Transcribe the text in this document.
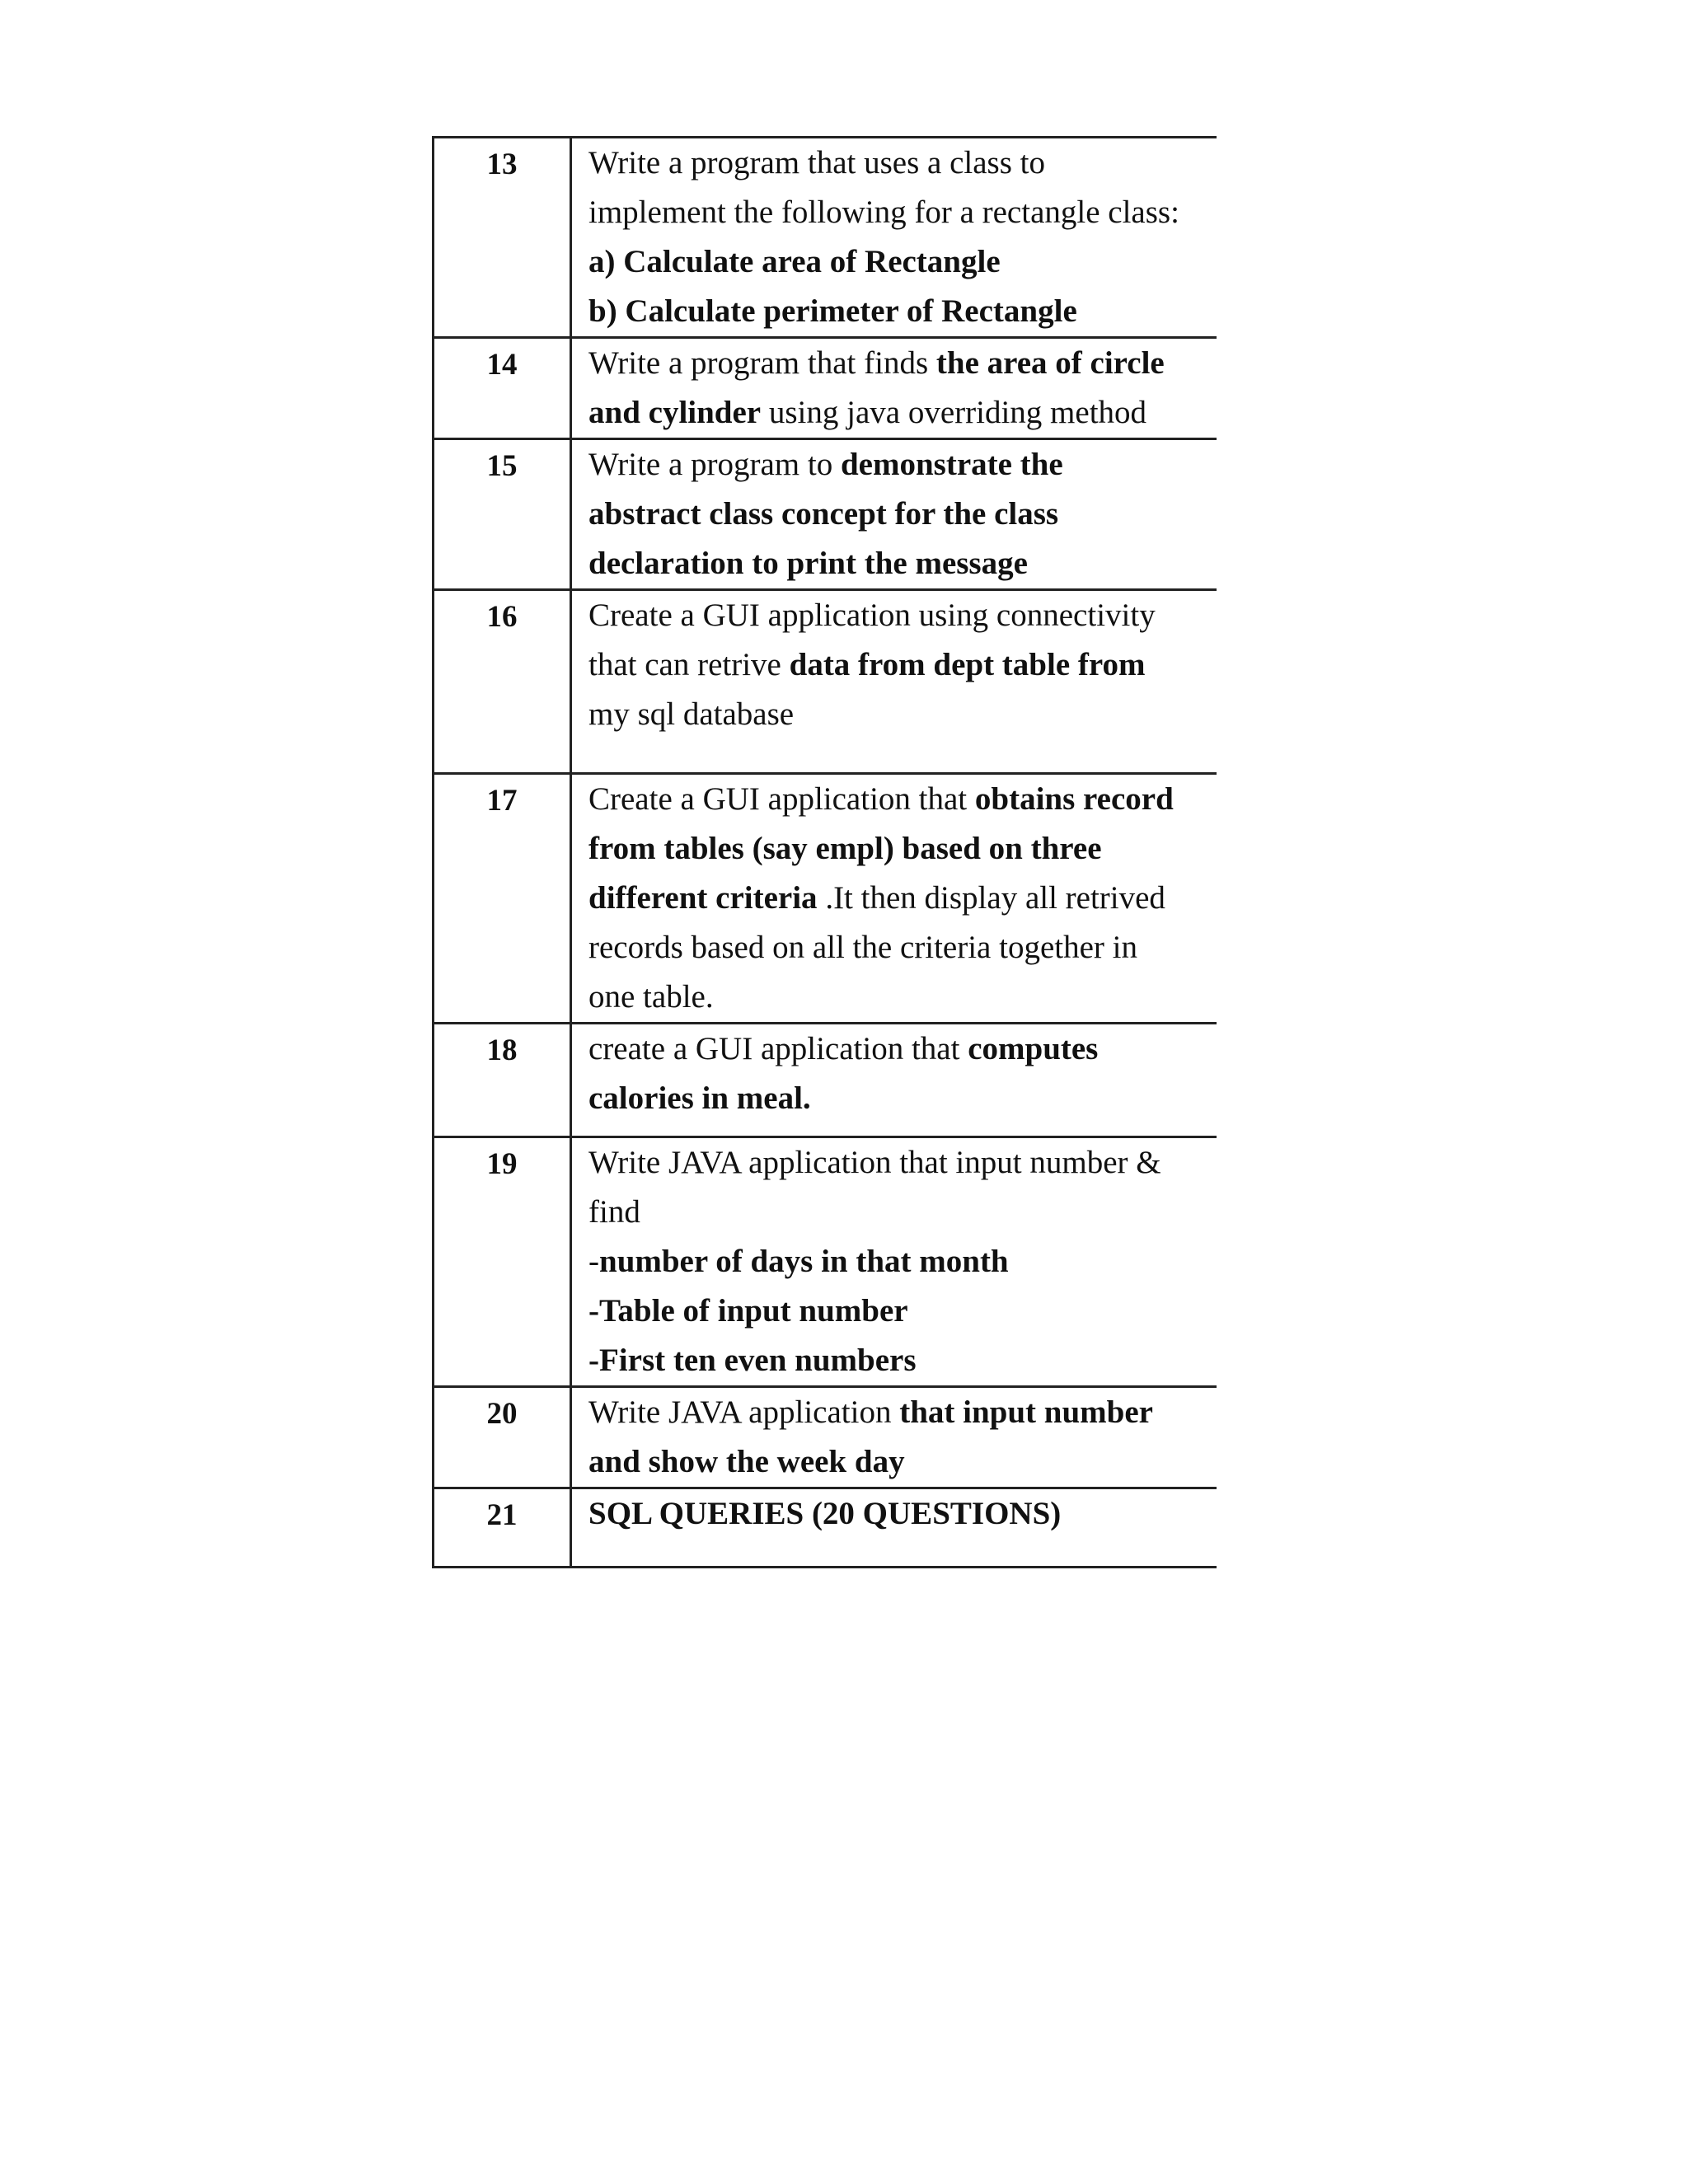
13	Write a program that uses a class to
implement the following for a rectangle class:
a) Calculate area of Rectangle
b) Calculate perimeter of Rectangle

14	Write a program that finds the area of circle
and cylinder using java overriding method

15	Write a program to demonstrate the
abstract class concept for the class
declaration to print the message

16	Create a GUI application using connectivity
that can retrive data from dept table from
my sql database

17	Create a GUI application that obtains record
from tables (say empl) based on three
different criteria .It then display all retrived
records based on all the criteria together in
one table.

18	create a GUI application that computes
calories in meal.

19	Write JAVA application that input number &
find
-number of days in that month
-Table of input number
-First ten even numbers

20	Write JAVA application that input number
and show the week day

21	SQL QUERIES (20 QUESTIONS)
